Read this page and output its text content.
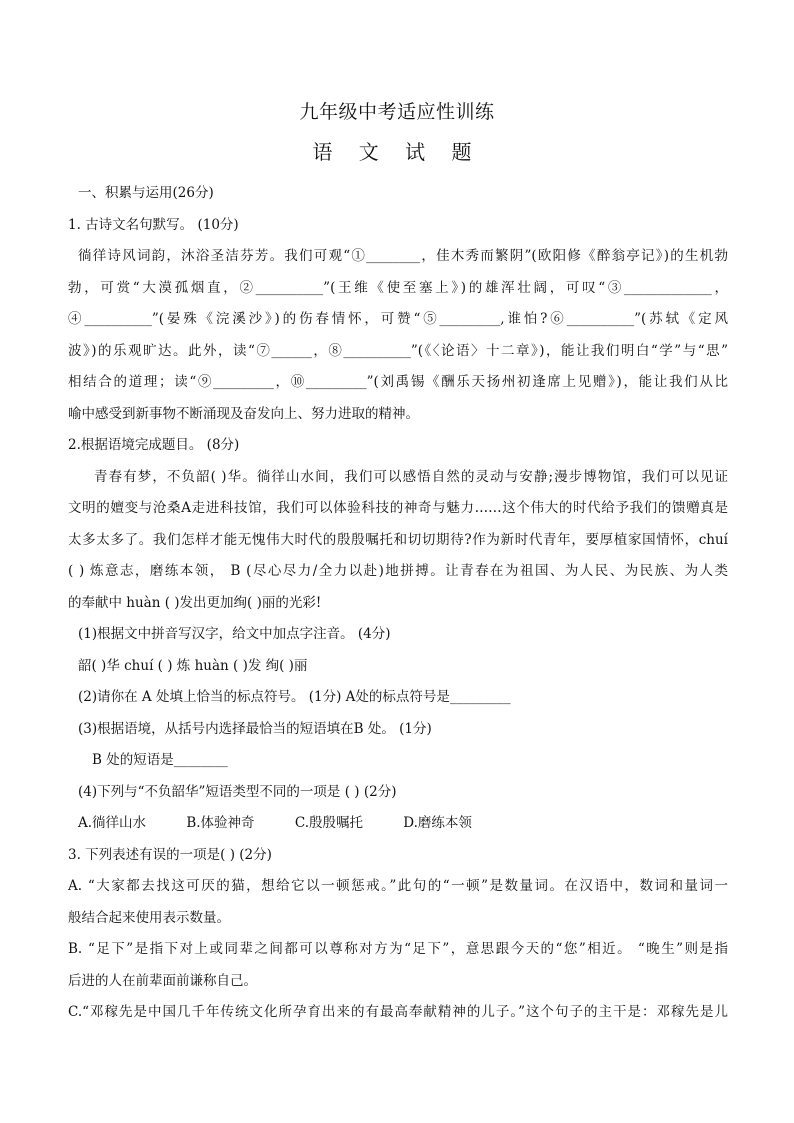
九年级中考适应性训练
语 文 试 题
一、积累与运用(26分)
1. 古诗文名句默写。 (10分)
徜徉诗风词韵，沐浴圣洁芬芳。我们可观“①________，佳木秀而繁阴”(欧阳修《醉翁亭记》)的生机勃
勃，可赏“大漠孤烟直，②__________”(王维《使至塞上》)的雄浑壮阔，可叹“③_____________，
④__________”(晏殊《浣溪沙》)的伤春情怀，可赞“⑤_________,谁怕?⑥__________”(苏轼《定风
波》)的乐观旷达。此外，读“⑦______，⑧__________”(《〈论语〉十二章》)，能让我们明白“学”与“思”
相结合的道理；读“⑨_________，⑩_________”(刘禹锡《酬乐天扬州初逢席上见赠》)，能让我们从比
喻中感受到新事物不断涌现及奋发向上、努力进取的精神。
2.根据语境完成题目。 (8分)
青春有梦，不负韶( )华。徜徉山水间，我们可以感悟自然的灵动与安静;漫步博物馆，我们可以见证
文明的嬗变与沧桑A走进科技馆，我们可以体验科技的神奇与魅力……这个伟大的时代给予我们的馈赠真是
太多太多了。我们怎样才能无愧伟大时代的殷殷嘱托和切切期待?作为新时代青年，要厚植家国情怀，chuí
( ) 炼意志，磨练本领， B (尽心尽力/全力以赴)地拼搏。让青春在为祖国、为人民、为民族、为人类
的奉献中 huàn ( )发出更加绚( )丽的光彩!
(1)根据文中拼音写汉字，给文中加点字注音。 (4分)
韶( )华 chuí ( ) 炼 huàn ( )发 绚( )丽
(2)请你在 A 处填上恰当的标点符号。 (1分) A处的标点符号是_________
(3)根据语境，从括号内选择最恰当的短语填在B 处。 (1分)
B 处的短语是________
(4)下列与“不负韶华”短语类型不同的一项是 ( ) (2分)
A.徜徉山水	B.体验神奇	C.殷殷嘱托	D.磨练本领
3. 下列表述有误的一项是( ) (2分)
A. “大家都去找这可厌的猫，想给它以一顿惩戒。”此句的“一顿”是数量词。在汉语中，数词和量词一
般结合起来使用表示数量。
B. “足下”是指下对上或同辈之间都可以尊称对方为“足下”，意思跟今天的“您”相近。 “晚生”则是指
后进的人在前辈面前谦称自己。
C.“邓稼先是中国几千年传统文化所孕育出来的有最高奉献精神的儿子。”这个句子的主干是：邓稼先是儿
